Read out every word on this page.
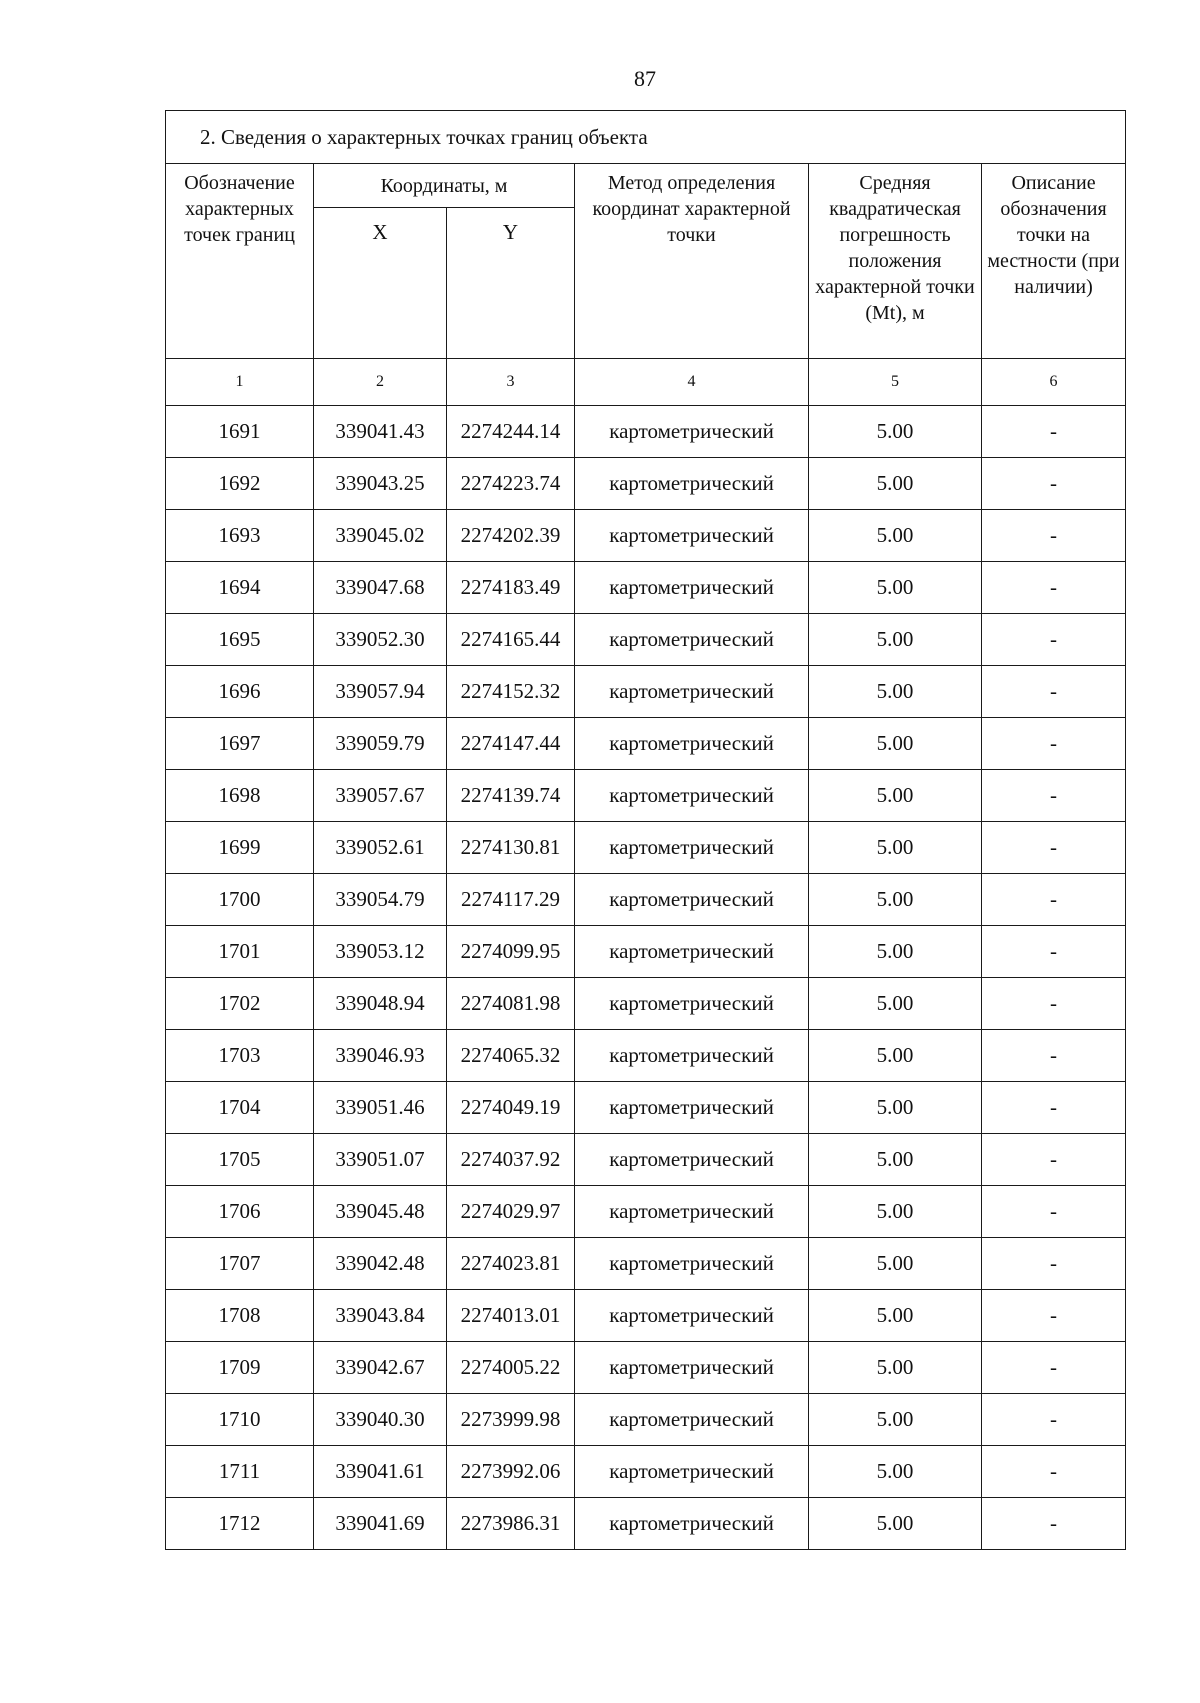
87
2. Сведения о характерных точках границ объекта					
Обозначение характерных точек границ	Координаты, м		Метод определения координат характерной точки	Средняя квадратическая погрешность положения характерной точки (Mt), м	Описание обозначения точки на местности (при наличии)
	X	Y			
1	2	3	4	5	6
1691	339041.43	2274244.14	картометрический	5.00	-
1692	339043.25	2274223.74	картометрический	5.00	-
1693	339045.02	2274202.39	картометрический	5.00	-
1694	339047.68	2274183.49	картометрический	5.00	-
1695	339052.30	2274165.44	картометрический	5.00	-
1696	339057.94	2274152.32	картометрический	5.00	-
1697	339059.79	2274147.44	картометрический	5.00	-
1698	339057.67	2274139.74	картометрический	5.00	-
1699	339052.61	2274130.81	картометрический	5.00	-
1700	339054.79	2274117.29	картометрический	5.00	-
1701	339053.12	2274099.95	картометрический	5.00	-
1702	339048.94	2274081.98	картометрический	5.00	-
1703	339046.93	2274065.32	картометрический	5.00	-
1704	339051.46	2274049.19	картометрический	5.00	-
1705	339051.07	2274037.92	картометрический	5.00	-
1706	339045.48	2274029.97	картометрический	5.00	-
1707	339042.48	2274023.81	картометрический	5.00	-
1708	339043.84	2274013.01	картометрический	5.00	-
1709	339042.67	2274005.22	картометрический	5.00	-
1710	339040.30	2273999.98	картометрический	5.00	-
1711	339041.61	2273992.06	картометрический	5.00	-
1712	339041.69	2273986.31	картометрический	5.00	-
